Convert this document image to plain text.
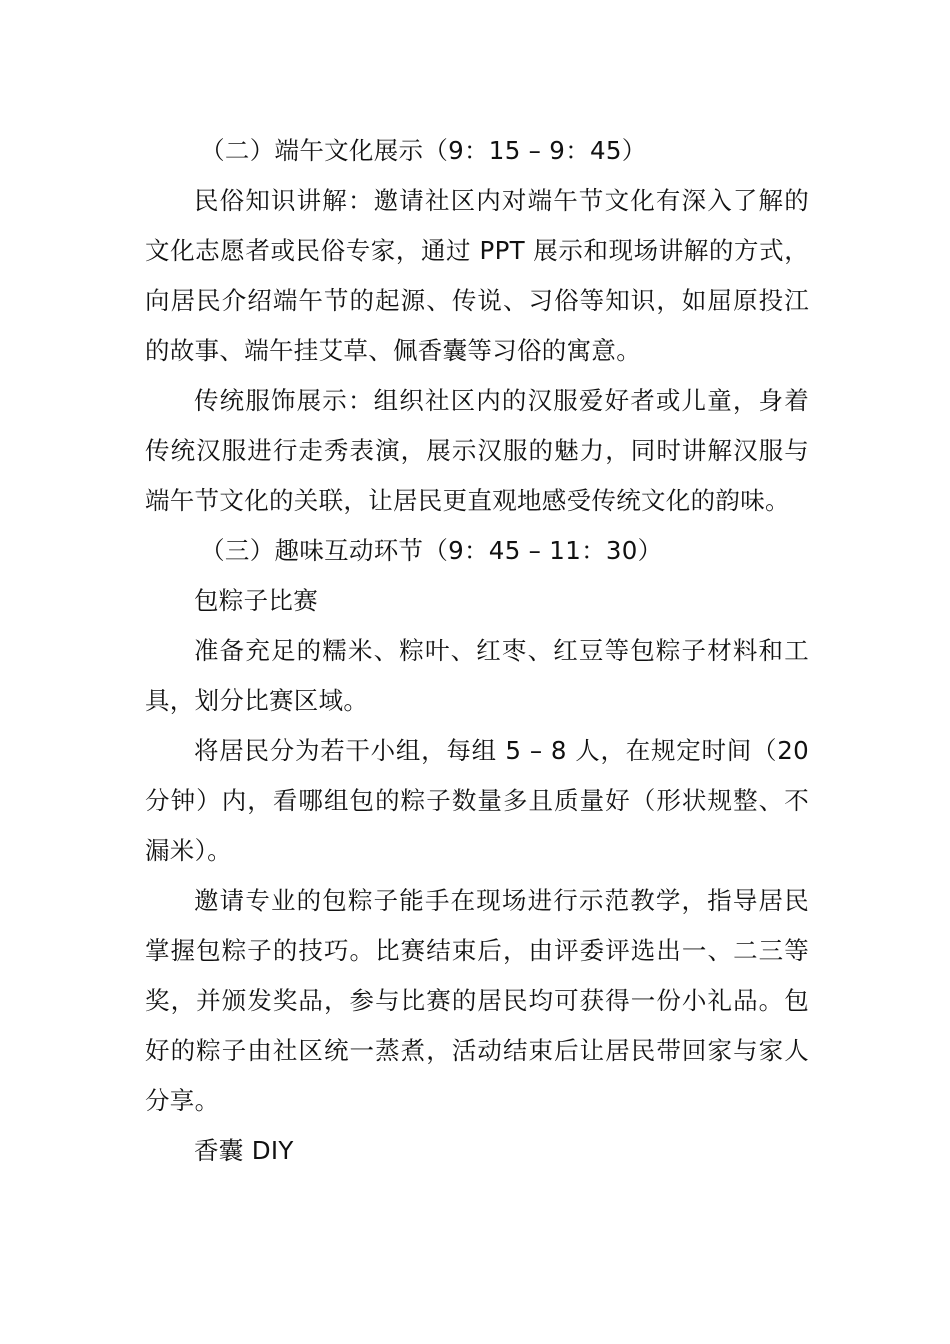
（二）端午文化展示（9：15 – 9：45）

民俗知识讲解：邀请社区内对端午节文化有深入了解的文化志愿者或民俗专家，通过 PPT 展示和现场讲解的方式，向居民介绍端午节的起源、传说、习俗等知识，如屈原投江的故事、端午挂艾草、佩香囊等习俗的寓意。

传统服饰展示：组织社区内的汉服爱好者或儿童，身着传统汉服进行走秀表演，展示汉服的魅力，同时讲解汉服与端午节文化的关联，让居民更直观地感受传统文化的韵味。

（三）趣味互动环节（9：45 – 11：30）

包粽子比赛

准备充足的糯米、粽叶、红枣、红豆等包粽子材料和工具，划分比赛区域。

将居民分为若干小组，每组 5 – 8 人，在规定时间（20 分钟）内，看哪组包的粽子数量多且质量好（形状规整、不漏米）。

邀请专业的包粽子能手在现场进行示范教学，指导居民掌握包粽子的技巧。比赛结束后，由评委评选出一、二三等奖，并颁发奖品，参与比赛的居民均可获得一份小礼品。包好的粽子由社区统一蒸煮，活动结束后让居民带回家与家人分享。

香囊 DIY
